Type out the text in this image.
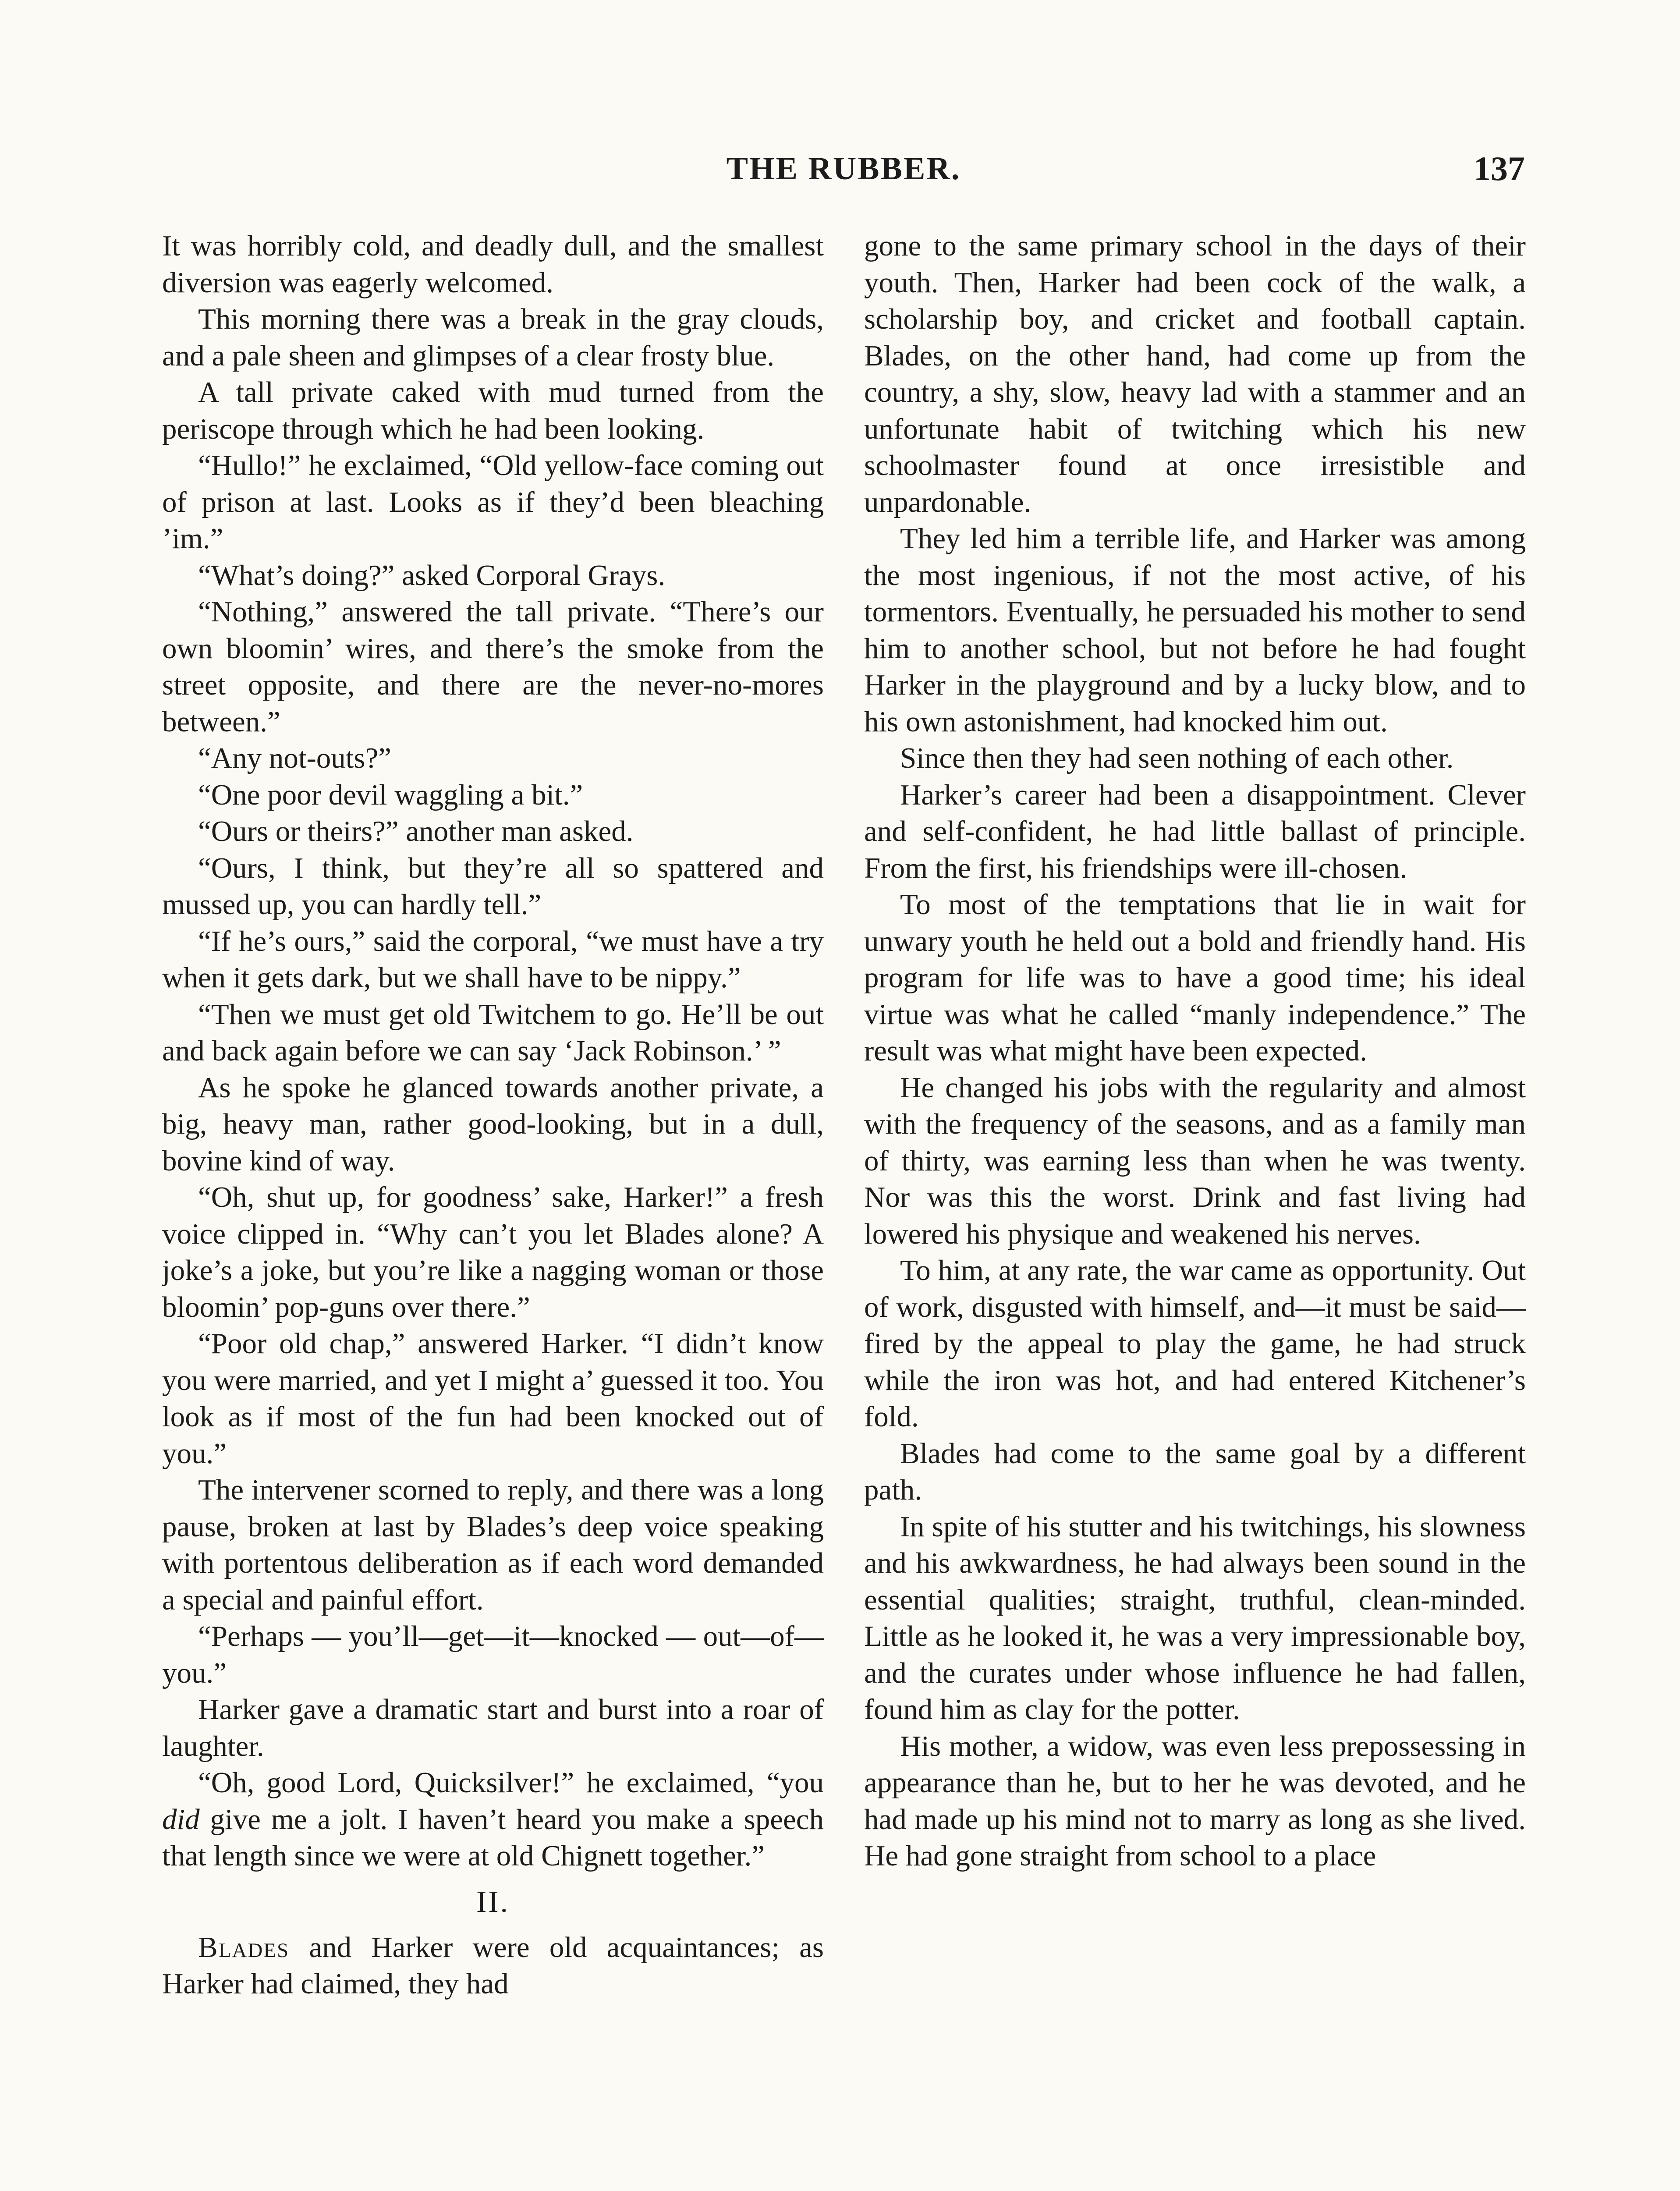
THE RUBBER.	137

It was horribly cold, and deadly dull, and the smallest diversion was eagerly welcomed.

This morning there was a break in the gray clouds, and a pale sheen and glimpses of a clear frosty blue.

A tall private caked with mud turned from the periscope through which he had been looking.

“Hullo!” he exclaimed, “Old yellow-face coming out of prison at last. Looks as if they’d been bleaching ’im.”

“What’s doing?” asked Corporal Grays.

“Nothing,” answered the tall private. “There’s our own bloomin’ wires, and there’s the smoke from the street opposite, and there are the never-no-mores between.”

“Any not-outs?”

“One poor devil waggling a bit.”

“Ours or theirs?” another man asked.

“Ours, I think, but they’re all so spattered and mussed up, you can hardly tell.”

“If he’s ours,” said the corporal, “we must have a try when it gets dark, but we shall have to be nippy.”

“Then we must get old Twitchem to go. He’ll be out and back again before we can say ‘Jack Robinson.’ ”

As he spoke he glanced towards another private, a big, heavy man, rather good-looking, but in a dull, bovine kind of way.

“Oh, shut up, for goodness’ sake, Harker!” a fresh voice clipped in. “Why can’t you let Blades alone? A joke’s a joke, but you’re like a nagging woman or those bloomin’ pop-guns over there.”

“Poor old chap,” answered Harker. “I didn’t know you were married, and yet I might a’ guessed it too. You look as if most of the fun had been knocked out of you.”

The intervener scorned to reply, and there was a long pause, broken at last by Blades’s deep voice speaking with portentous deliberation as if each word demanded a special and painful effort.

“Perhaps — you’ll—get—it—knocked — out—of—you.”

Harker gave a dramatic start and burst into a roar of laughter.

“Oh, good Lord, Quicksilver!” he exclaimed, “you did give me a jolt. I haven’t heard you make a speech that length since we were at old Chignett together.”

II.

Blades and Harker were old acquaintances; as Harker had claimed, they had

gone to the same primary school in the days of their youth. Then, Harker had been cock of the walk, a scholarship boy, and cricket and football captain. Blades, on the other hand, had come up from the country, a shy, slow, heavy lad with a stammer and an unfortunate habit of twitching which his new schoolmaster found at once irresistible and unpardonable.

They led him a terrible life, and Harker was among the most ingenious, if not the most active, of his tormentors. Eventually, he persuaded his mother to send him to another school, but not before he had fought Harker in the playground and by a lucky blow, and to his own astonishment, had knocked him out.

Since then they had seen nothing of each other.

Harker’s career had been a disappointment. Clever and self-confident, he had little ballast of principle. From the first, his friendships were ill-chosen.

To most of the temptations that lie in wait for unwary youth he held out a bold and friendly hand. His program for life was to have a good time; his ideal virtue was what he called “manly independence.” The result was what might have been expected.

He changed his jobs with the regularity and almost with the frequency of the seasons, and as a family man of thirty, was earning less than when he was twenty. Nor was this the worst. Drink and fast living had lowered his physique and weakened his nerves.

To him, at any rate, the war came as opportunity. Out of work, disgusted with himself, and—it must be said—fired by the appeal to play the game, he had struck while the iron was hot, and had entered Kitchener’s fold.

Blades had come to the same goal by a different path.

In spite of his stutter and his twitchings, his slowness and his awkwardness, he had always been sound in the essential qualities; straight, truthful, clean-minded. Little as he looked it, he was a very impressionable boy, and the curates under whose influence he had fallen, found him as clay for the potter.

His mother, a widow, was even less prepossessing in appearance than he, but to her he was devoted, and he had made up his mind not to marry as long as she lived. He had gone straight from school to a place
